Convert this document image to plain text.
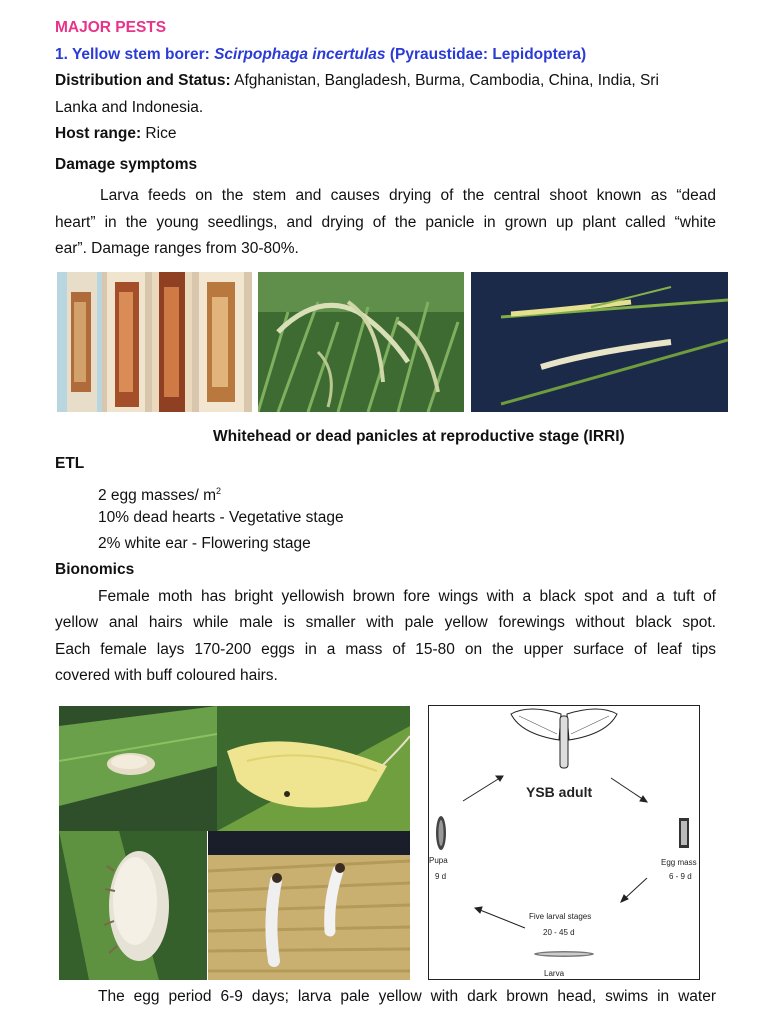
MAJOR PESTS
1. Yellow stem borer: Scirpophaga incertulas (Pyraustidae: Lepidoptera)
Distribution and Status: Afghanistan, Bangladesh, Burma, Cambodia, China, India, Sri
Lanka and Indonesia.
Host range: Rice
Damage symptoms
Larva feeds on the stem and causes drying of the central shoot known as “dead
heart” in the young seedlings, and drying of the panicle in grown up plant called “white
ear”. Damage ranges from 30-80%.
Whitehead or dead panicles at reproductive stage (IRRI)
ETL
2 egg masses/ $m^2$
10% dead hearts - Vegetative stage
2% white ear - Flowering stage
Bionomics
Female moth has bright yellowish brown fore wings with a black spot and a tuft of
yellow anal hairs while male is smaller with pale yellow forewings without black spot.
Each female lays 170-200 eggs in a mass of 15-80 on the upper surface of leaf tips
covered with buff coloured hairs.
YSB adult
Pupa
9 d
Egg mass
6 - 9 d
Five larval stages
20 - 45 d
Larva
The egg period 6-9 days; larva pale yellow with dark brown head, swims in water
